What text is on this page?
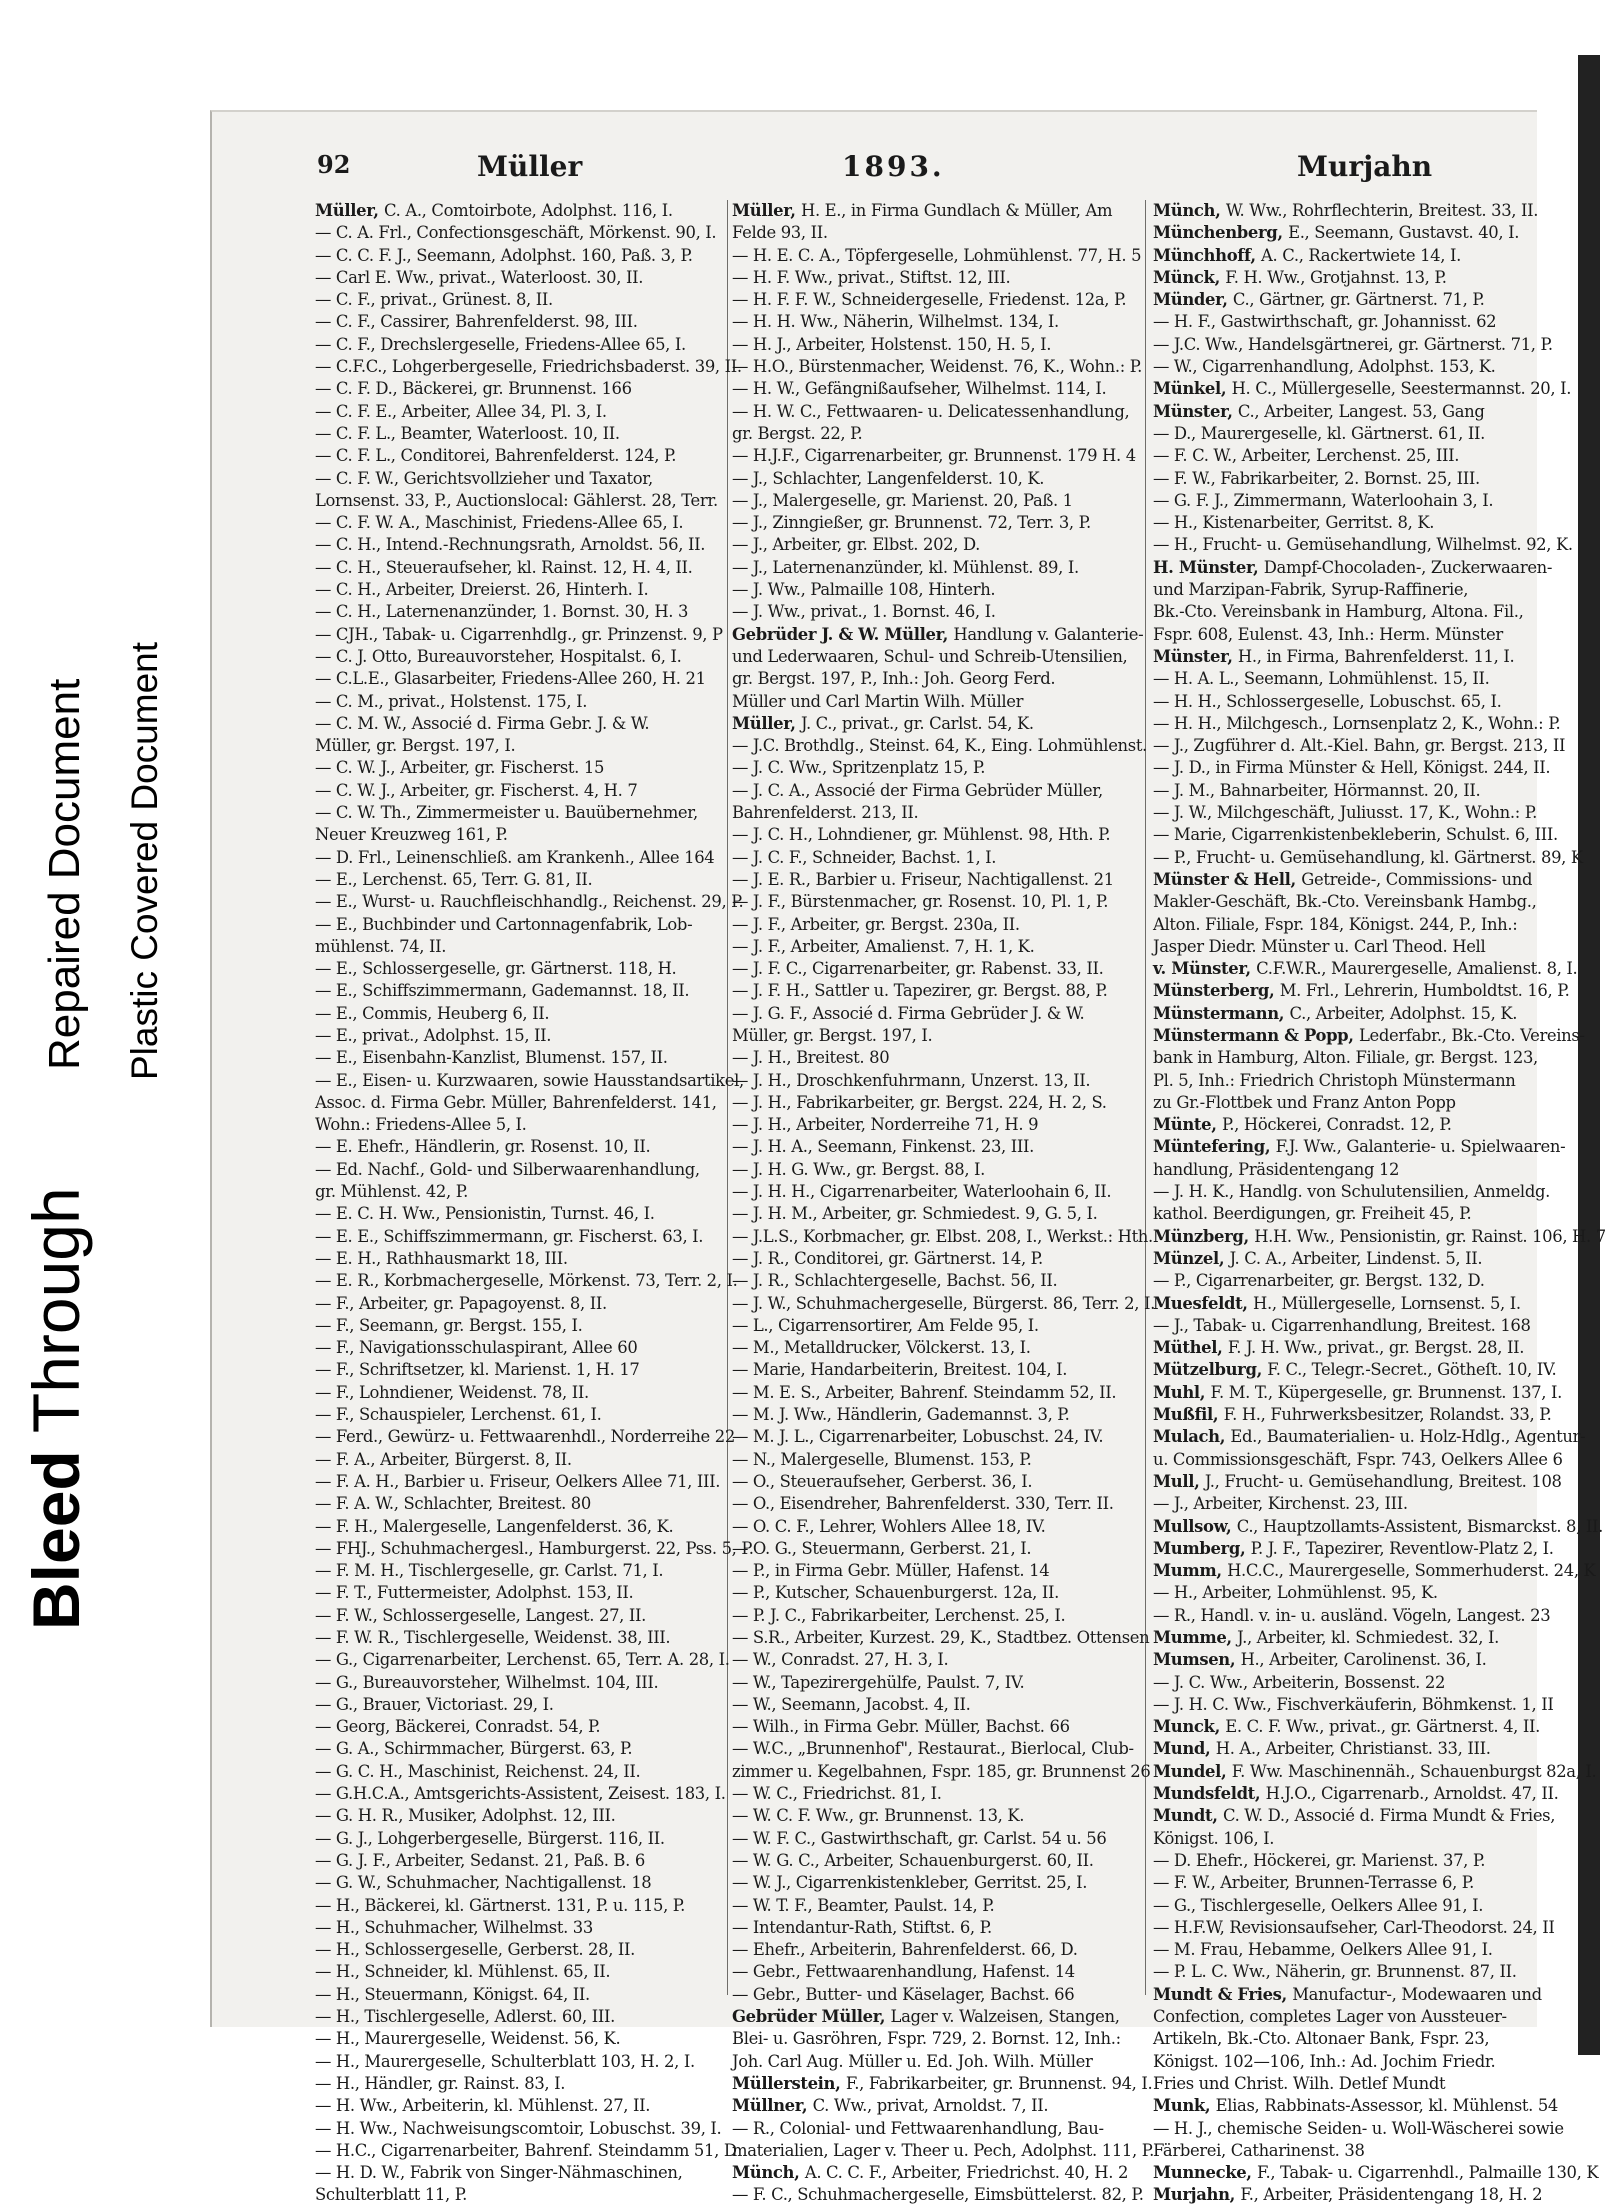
Bleed Through
Repaired Document Plastic Covered Document
92	Müller	1893.	Murjahn
Müller, C. A., Comtoirbote, Adolphst. 116, I.
— C. A. Frl., Confectionsgeschäft, Mörkenst. 90, I.
— C. C. F. J., Seemann, Adolphst. 160, Paß. 3, P.
— Carl E. Ww., privat., Waterloost. 30, II.
— C. F., privat., Grünest. 8, II.
— C. F., Cassirer, Bahrenfelderst. 98, III.
— C. F., Drechslergeselle, Friedens-Allee 65, I.
— C.F.C., Lohgerbergeselle, Friedrichsbaderst. 39, II.
— C. F. D., Bäckerei, gr. Brunnenst. 166
— C. F. E., Arbeiter, Allee 34, Pl. 3, I.
— C. F. L., Beamter, Waterloost. 10, II.
— C. F. L., Conditorei, Bahrenfelderst. 124, P.
— C. F. W., Gerichtsvollzieher und Taxator,
Lornsenst. 33, P., Auctionslocal: Gählerst. 28, Terr.
— C. F. W. A., Maschinist, Friedens-Allee 65, I.
— C. H., Intend.-Rechnungsrath, Arnoldst. 56, II.
— C. H., Steueraufseher, kl. Rainst. 12, H. 4, II.
— C. H., Arbeiter, Dreierst. 26, Hinterh. I.
— C. H., Laternenanzünder, 1. Bornst. 30, H. 3
— CJH., Tabak- u. Cigarrenhdlg., gr. Prinzenst. 9, P
— C. J. Otto, Bureauvorsteher, Hospitalst. 6, I.
— C.L.E., Glasarbeiter, Friedens-Allee 260, H. 21
— C. M., privat., Holstenst. 175, I.
— C. M. W., Associé d. Firma Gebr. J. & W.
Müller, gr. Bergst. 197, I.
— C. W. J., Arbeiter, gr. Fischerst. 15
— C. W. J., Arbeiter, gr. Fischerst. 4, H. 7
— C. W. Th., Zimmermeister u. Bauübernehmer,
Neuer Kreuzweg 161, P.
— D. Frl., Leinenschließ. am Krankenh., Allee 164
— E., Lerchenst. 65, Terr. G. 81, II.
— E., Wurst- u. Rauchfleischhandlg., Reichenst. 29, P.
— E., Buchbinder und Cartonnagenfabrik, Lob-
mühlenst. 74, II.
— E., Schlossergeselle, gr. Gärtnerst. 118, H.
— E., Schiffszimmermann, Gademannst. 18, II.
— E., Commis, Heuberg 6, II.
— E., privat., Adolphst. 15, II.
— E., Eisenbahn-Kanzlist, Blumenst. 157, II.
— E., Eisen- u. Kurzwaaren, sowie Hausstandsartikel,
Assoc. d. Firma Gebr. Müller, Bahrenfelderst. 141,
Wohn.: Friedens-Allee 5, I.
— E. Ehefr., Händlerin, gr. Rosenst. 10, II.
— Ed. Nachf., Gold- und Silberwaarenhandlung,
gr. Mühlenst. 42, P.
— E. C. H. Ww., Pensionistin, Turnst. 46, I.
— E. E., Schiffszimmermann, gr. Fischerst. 63, I.
— E. H., Rathhausmarkt 18, III.
— E. R., Korbmachergeselle, Mörkenst. 73, Terr. 2, I.
— F., Arbeiter, gr. Papagoyenst. 8, II.
— F., Seemann, gr. Bergst. 155, I.
— F., Navigationsschulaspirant, Allee 60
— F., Schriftsetzer, kl. Marienst. 1, H. 17
— F., Lohndiener, Weidenst. 78, II.
— F., Schauspieler, Lerchenst. 61, I.
— Ferd., Gewürz- u. Fettwaarenhdl., Norderreihe 22
— F. A., Arbeiter, Bürgerst. 8, II.
— F. A. H., Barbier u. Friseur, Oelkers Allee 71, III.
— F. A. W., Schlachter, Breitest. 80
— F. H., Malergeselle, Langenfelderst. 36, K.
— FHJ., Schuhmachergesl., Hamburgerst. 22, Pss. 5, P.
— F. M. H., Tischlergeselle, gr. Carlst. 71, I.
— F. T., Futtermeister, Adolphst. 153, II.
— F. W., Schlossergeselle, Langest. 27, II.
— F. W. R., Tischlergeselle, Weidenst. 38, III.
— G., Cigarrenarbeiter, Lerchenst. 65, Terr. A. 28, I.
— G., Bureauvorsteher, Wilhelmst. 104, III.
— G., Brauer, Victoriast. 29, I.
— Georg, Bäckerei, Conradst. 54, P.
— G. A., Schirmmacher, Bürgerst. 63, P.
— G. C. H., Maschinist, Reichenst. 24, II.
— G.H.C.A., Amtsgerichts-Assistent, Zeisest. 183, I.
— G. H. R., Musiker, Adolphst. 12, III.
— G. J., Lohgerbergeselle, Bürgerst. 116, II.
— G. J. F., Arbeiter, Sedanst. 21, Paß. B. 6
— G. W., Schuhmacher, Nachtigallenst. 18
— H., Bäckerei, kl. Gärtnerst. 131, P. u. 115, P.
— H., Schuhmacher, Wilhelmst. 33
— H., Schlossergeselle, Gerberst. 28, II.
— H., Schneider, kl. Mühlenst. 65, II.
— H., Steuermann, Königst. 64, II.
— H., Tischlergeselle, Adlerst. 60, III.
— H., Maurergeselle, Weidenst. 56, K.
— H., Maurergeselle, Schulterblatt 103, H. 2, I.
— H., Händler, gr. Rainst. 83, I.
— H. Ww., Arbeiterin, kl. Mühlenst. 27, II.
— H. Ww., Nachweisungscomtoir, Lobuschst. 39, I.
— H.C., Cigarrenarbeiter, Bahrenf. Steindamm 51, D
— H. D. W., Fabrik von Singer-Nähmaschinen,
Schulterblatt 11, P.
Müller, H. E., in Firma Gundlach & Müller, Am
Felde 93, II.
— H. E. C. A., Töpfergeselle, Lohmühlenst. 77, H. 5
— H. F. Ww., privat., Stiftst. 12, III.
— H. F. F. W., Schneidergeselle, Friedenst. 12a, P.
— H. H. Ww., Näherin, Wilhelmst. 134, I.
— H. J., Arbeiter, Holstenst. 150, H. 5, I.
— H.O., Bürstenmacher, Weidenst. 76, K., Wohn.: P.
— H. W., Gefängnißaufseher, Wilhelmst. 114, I.
— H. W. C., Fettwaaren- u. Delicatessenhandlung,
gr. Bergst. 22, P.
— H.J.F., Cigarrenarbeiter, gr. Brunnenst. 179 H. 4
— J., Schlachter, Langenfelderst. 10, K.
— J., Malergeselle, gr. Marienst. 20, Paß. 1
— J., Zinngießer, gr. Brunnenst. 72, Terr. 3, P.
— J., Arbeiter, gr. Elbst. 202, D.
— J., Laternenanzünder, kl. Mühlenst. 89, I.
— J. Ww., Palmaille 108, Hinterh.
— J. Ww., privat., 1. Bornst. 46, I.
Gebrüder J. & W. Müller, Handlung v. Galanterie-
und Lederwaaren, Schul- und Schreib-Utensilien,
gr. Bergst. 197, P., Inh.: Joh. Georg Ferd.
Müller und Carl Martin Wilh. Müller
Müller, J. C., privat., gr. Carlst. 54, K.
— J.C. Brothdlg., Steinst. 64, K., Eing. Lohmühlenst.
— J. C. Ww., Spritzenplatz 15, P.
— J. C. A., Associé der Firma Gebrüder Müller,
Bahrenfelderst. 213, II.
— J. C. H., Lohndiener, gr. Mühlenst. 98, Hth. P.
— J. C. F., Schneider, Bachst. 1, I.
— J. E. R., Barbier u. Friseur, Nachtigallenst. 21
— J. F., Bürstenmacher, gr. Rosenst. 10, Pl. 1, P.
— J. F., Arbeiter, gr. Bergst. 230a, II.
— J. F., Arbeiter, Amalienst. 7, H. 1, K.
— J. F. C., Cigarrenarbeiter, gr. Rabenst. 33, II.
— J. F. H., Sattler u. Tapezirer, gr. Bergst. 88, P.
— J. G. F., Associé d. Firma Gebrüder J. & W.
Müller, gr. Bergst. 197, I.
— J. H., Breitest. 80
— J. H., Droschkenfuhrmann, Unzerst. 13, II.
— J. H., Fabrikarbeiter, gr. Bergst. 224, H. 2, S.
— J. H., Arbeiter, Norderreihe 71, H. 9
— J. H. A., Seemann, Finkenst. 23, III.
— J. H. G. Ww., gr. Bergst. 88, I.
— J. H. H., Cigarrenarbeiter, Waterloohain 6, II.
— J. H. M., Arbeiter, gr. Schmiedest. 9, G. 5, I.
— J.L.S., Korbmacher, gr. Elbst. 208, I., Werkst.: Hth.
— J. R., Conditorei, gr. Gärtnerst. 14, P.
— J. R., Schlachtergeselle, Bachst. 56, II.
— J. W., Schuhmachergeselle, Bürgerst. 86, Terr. 2, I.
— L., Cigarrensortirer, Am Felde 95, I.
— M., Metalldrucker, Völckerst. 13, I.
— Marie, Handarbeiterin, Breitest. 104, I.
— M. E. S., Arbeiter, Bahrenf. Steindamm 52, II.
— M. J. Ww., Händlerin, Gademannst. 3, P.
— M. J. L., Cigarrenarbeiter, Lobuschst. 24, IV.
— N., Malergeselle, Blumenst. 153, P.
— O., Steueraufseher, Gerberst. 36, I.
— O., Eisendreher, Bahrenfelderst. 330, Terr. II.
— O. C. F., Lehrer, Wohlers Allee 18, IV.
— O. G., Steuermann, Gerberst. 21, I.
— P., in Firma Gebr. Müller, Hafenst. 14
— P., Kutscher, Schauenburgerst. 12a, II.
— P. J. C., Fabrikarbeiter, Lerchenst. 25, I.
— S.R., Arbeiter, Kurzest. 29, K., Stadtbez. Ottensen
— W., Conradst. 27, H. 3, I.
— W., Tapezirergehülfe, Paulst. 7, IV.
— W., Seemann, Jacobst. 4, II.
— Wilh., in Firma Gebr. Müller, Bachst. 66
— W.C., „Brunnenhof", Restaurat., Bierlocal, Club-
zimmer u. Kegelbahnen, Fspr. 185, gr. Brunnenst 26
— W. C., Friedrichst. 81, I.
— W. C. F. Ww., gr. Brunnenst. 13, K.
— W. F. C., Gastwirthschaft, gr. Carlst. 54 u. 56
— W. G. C., Arbeiter, Schauenburgerst. 60, II.
— W. J., Cigarrenkistenkleber, Gerritst. 25, I.
— W. T. F., Beamter, Paulst. 14, P.
— Intendantur-Rath, Stiftst. 6, P.
— Ehefr., Arbeiterin, Bahrenfelderst. 66, D.
— Gebr., Fettwaarenhandlung, Hafenst. 14
— Gebr., Butter- und Käselager, Bachst. 66
Gebrüder Müller, Lager v. Walzeisen, Stangen,
Blei- u. Gasröhren, Fspr. 729, 2. Bornst. 12, Inh.:
Joh. Carl Aug. Müller u. Ed. Joh. Wilh. Müller
Müllerstein, F., Fabrikarbeiter, gr. Brunnenst. 94, I.
Müllner, C. Ww., privat, Arnoldst. 7, II.
— R., Colonial- und Fettwaarenhandlung, Bau-
materialien, Lager v. Theer u. Pech, Adolphst. 111, P.
Münch, A. C. C. F., Arbeiter, Friedrichst. 40, H. 2
— F. C., Schuhmachergeselle, Eimsbüttelerst. 82, P.
Münch, W. Ww., Rohrflechterin, Breitest. 33, II.
Münchenberg, E., Seemann, Gustavst. 40, I.
Münchhoff, A. C., Rackertwiete 14, I.
Münck, F. H. Ww., Grotjahnst. 13, P.
Münder, C., Gärtner, gr. Gärtnerst. 71, P.
— H. F., Gastwirthschaft, gr. Johannisst. 62
— J.C. Ww., Handelsgärtnerei, gr. Gärtnerst. 71, P.
— W., Cigarrenhandlung, Adolphst. 153, K.
Münkel, H. C., Müllergeselle, Seestermannst. 20, I.
Münster, C., Arbeiter, Langest. 53, Gang
— D., Maurergeselle, kl. Gärtnerst. 61, II.
— F. C. W., Arbeiter, Lerchenst. 25, III.
— F. W., Fabrikarbeiter, 2. Bornst. 25, III.
— G. F. J., Zimmermann, Waterloohain 3, I.
— H., Kistenarbeiter, Gerritst. 8, K.
— H., Frucht- u. Gemüsehandlung, Wilhelmst. 92, K.
H. Münster, Dampf-Chocoladen-, Zuckerwaaren-
und Marzipan-Fabrik, Syrup-Raffinerie,
Bk.-Cto. Vereinsbank in Hamburg, Altona. Fil.,
Fspr. 608, Eulenst. 43, Inh.: Herm. Münster
Münster, H., in Firma, Bahrenfelderst. 11, I.
— H. A. L., Seemann, Lohmühlenst. 15, II.
— H. H., Schlossergeselle, Lobuschst. 65, I.
— H. H., Milchgesch., Lornsenplatz 2, K., Wohn.: P.
— J., Zugführer d. Alt.-Kiel. Bahn, gr. Bergst. 213, II
— J. D., in Firma Münster & Hell, Königst. 244, II.
— J. M., Bahnarbeiter, Hörmannst. 20, II.
— J. W., Milchgeschäft, Juliusst. 17, K., Wohn.: P.
— Marie, Cigarrenkistenbekleberin, Schulst. 6, III.
— P., Frucht- u. Gemüsehandlung, kl. Gärtnerst. 89, K
Münster & Hell, Getreide-, Commissions- und
Makler-Geschäft, Bk.-Cto. Vereinsbank Hambg.,
Alton. Filiale, Fspr. 184, Königst. 244, P., Inh.:
Jasper Diedr. Münster u. Carl Theod. Hell
v. Münster, C.F.W.R., Maurergeselle, Amalienst. 8, I.
Münsterberg, M. Frl., Lehrerin, Humboldtst. 16, P.
Münstermann, C., Arbeiter, Adolphst. 15, K.
Münstermann & Popp, Lederfabr., Bk.-Cto. Vereins-
bank in Hamburg, Alton. Filiale, gr. Bergst. 123,
Pl. 5, Inh.: Friedrich Christoph Münstermann
zu Gr.-Flottbek und Franz Anton Popp
Münte, P., Höckerei, Conradst. 12, P.
Müntefering, F.J. Ww., Galanterie- u. Spielwaaren-
handlung, Präsidentengang 12
— J. H. K., Handlg. von Schulutensilien, Anmeldg.
kathol. Beerdigungen, gr. Freiheit 45, P.
Münzberg, H.H. Ww., Pensionistin, gr. Rainst. 106, H. 7
Münzel, J. C. A., Arbeiter, Lindenst. 5, II.
— P., Cigarrenarbeiter, gr. Bergst. 132, D.
Muesfeldt, H., Müllergeselle, Lornsenst. 5, I.
— J., Tabak- u. Cigarrenhandlung, Breitest. 168
Müthel, F. J. H. Ww., privat., gr. Bergst. 28, II.
Mützelburg, F. C., Telegr.-Secret., Götheſt. 10, IV.
Muhl, F. M. T., Küpergeselle, gr. Brunnenst. 137, I.
Mußfil, F. H., Fuhrwerksbesitzer, Rolandst. 33, P.
Mulach, Ed., Baumaterialien- u. Holz-Hdlg., Agentur-
u. Commissionsgeschäft, Fspr. 743, Oelkers Allee 6
Mull, J., Frucht- u. Gemüsehandlung, Breitest. 108
— J., Arbeiter, Kirchenst. 23, III.
Mullsow, C., Hauptzollamts-Assistent, Bismarckst. 8, II.
Mumberg, P. J. F., Tapezirer, Reventlow-Platz 2, I.
Mumm, H.C.C., Maurergeselle, Sommerhuderst. 24, K
— H., Arbeiter, Lohmühlenst. 95, K.
— R., Handl. v. in- u. ausländ. Vögeln, Langest. 23
Mumme, J., Arbeiter, kl. Schmiedest. 32, I.
Mumsen, H., Arbeiter, Carolinenst. 36, I.
— J. C. Ww., Arbeiterin, Bossenst. 22
— J. H. C. Ww., Fischverkäuferin, Böhmkenst. 1, II
Munck, E. C. F. Ww., privat., gr. Gärtnerst. 4, II.
Mund, H. A., Arbeiter, Christianst. 33, III.
Mundel, F. Ww. Maschinennäh., Schauenburgst 82a, I.
Mundsfeldt, H.J.O., Cigarrenarb., Arnoldst. 47, II.
Mundt, C. W. D., Associé d. Firma Mundt & Fries,
Königst. 106, I.
— D. Ehefr., Höckerei, gr. Marienst. 37, P.
— F. W., Arbeiter, Brunnen-Terrasse 6, P.
— G., Tischlergeselle, Oelkers Allee 91, I.
— H.F.W, Revisionsaufseher, Carl-Theodorst. 24, II
— M. Frau, Hebamme, Oelkers Allee 91, I.
— P. L. C. Ww., Näherin, gr. Brunnenst. 87, II.
Mundt & Fries, Manufactur-, Modewaaren und
Confection, completes Lager von Aussteuer-
Artikeln, Bk.-Cto. Altonaer Bank, Fspr. 23,
Königst. 102—106, Inh.: Ad. Jochim Friedr.
Fries und Christ. Wilh. Detlef Mundt
Munk, Elias, Rabbinats-Assessor, kl. Mühlenst. 54
— H. J., chemische Seiden- u. Woll-Wäscherei sowie
Färberei, Catharinenst. 38
Munnecke, F., Tabak- u. Cigarrenhdl., Palmaille 130, K
Murjahn, F., Arbeiter, Präsidentengang 18, H. 2
